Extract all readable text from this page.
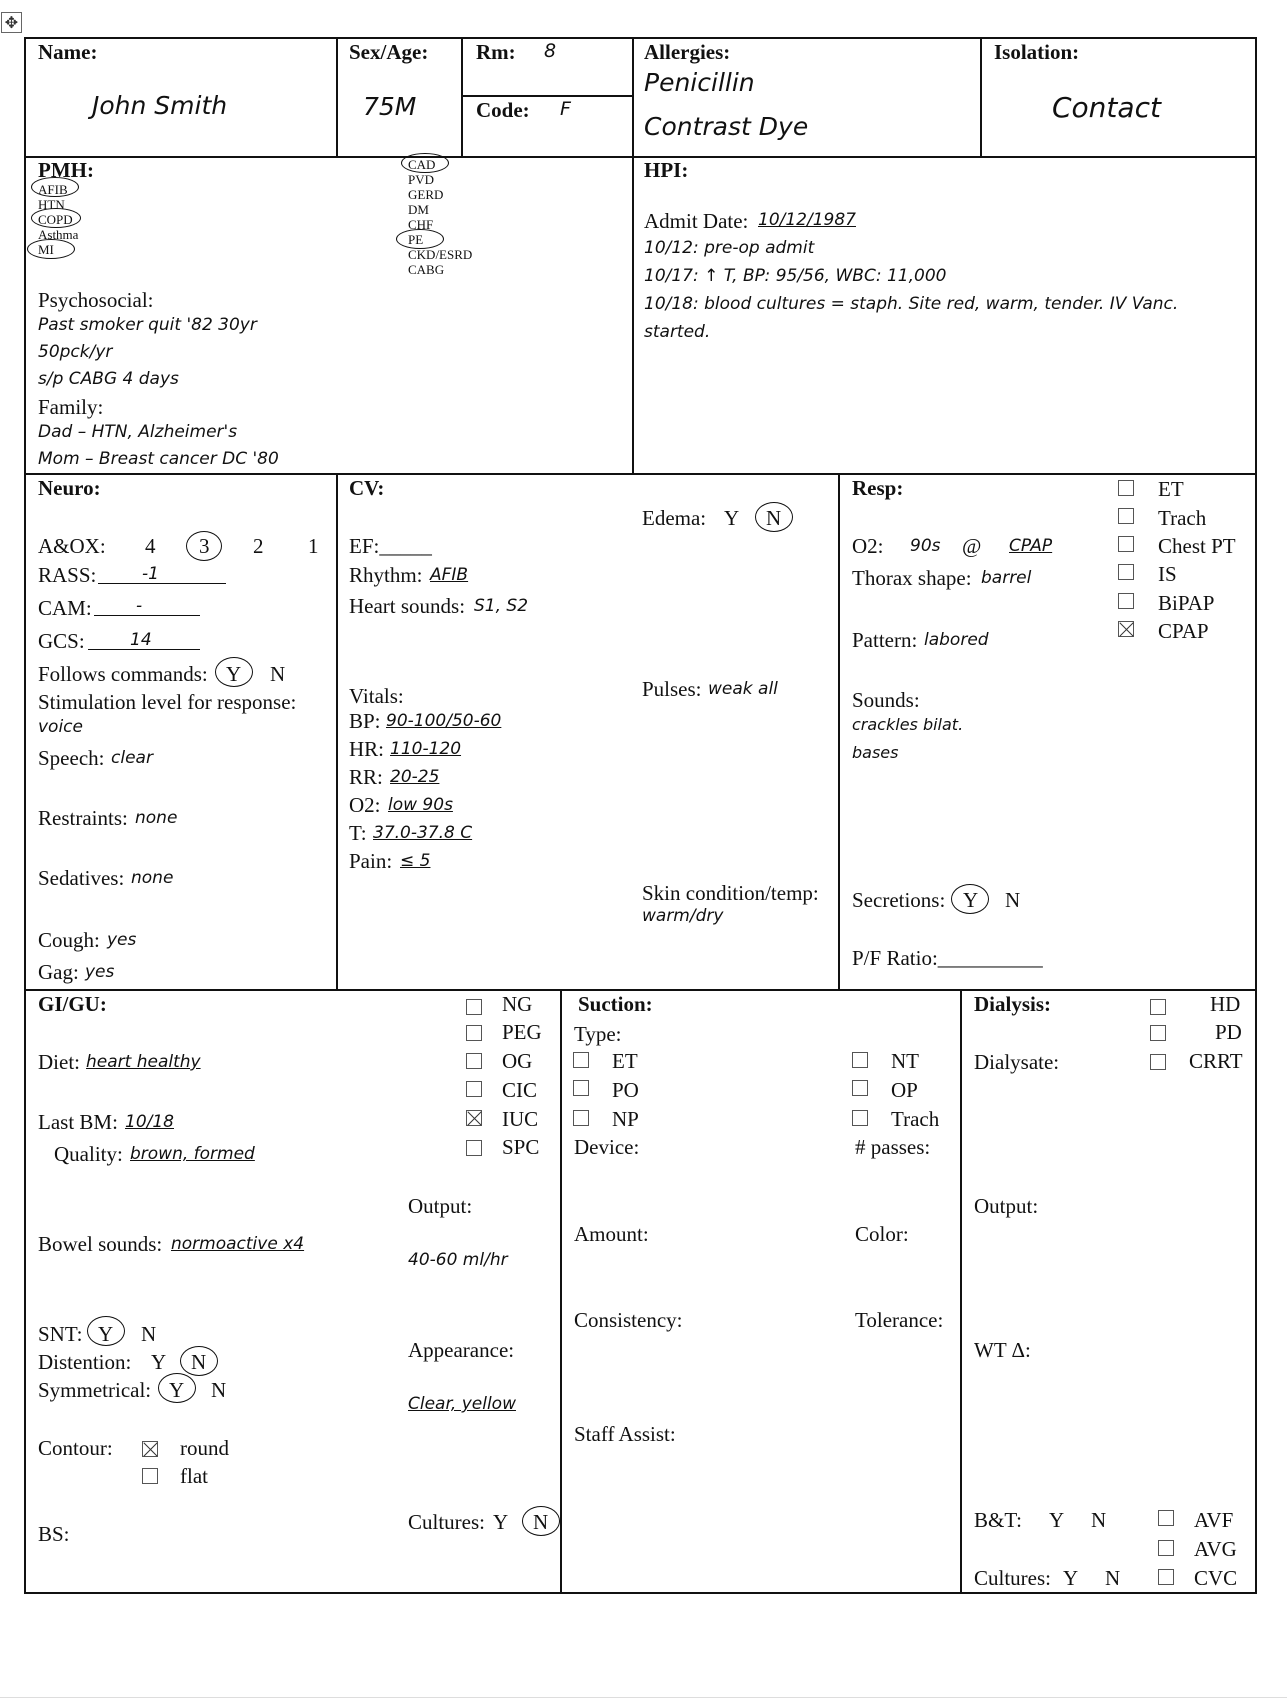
✥
Name:
John Smith
Sex/Age:
75M
Rm: 8
Code: F
Allergies:
Penicillin
Contrast Dye
Isolation:
Contact
PMH:
AFIB
HTN
COPD
Asthma
MI
CAD
PVD
GERD
DM
CHF
PE
CKD/ESRD
CABG
Psychosocial:
Past smoker quit '82 30yr
50pck/yr
s/p CABG 4 days
Family:
Dad – HTN, Alzheimer's
Mom – Breast cancer DC '80
HPI:
Admit Date: 10/12/1987
10/12: pre-op admit
10/17: ↑ T, BP: 95/56, WBC: 11,000
10/18: blood cultures = staph. Site red, warm, tender. IV Vanc.
started.
Neuro:
A&OX: 4 3 2 1
RASS:	-1
CAM:	-
GCS:	14
Follows commands: Y N
Stimulation level for response:
voice
Speech: clear
Restraints: none
Sedatives: none
Cough: yes
Gag: yes
CV:
EF:_____
Rhythm: AFIB
Heart sounds: S1, S2
Edema: Y N
Pulses: weak all
Vitals:
BP: 90-100/50-60
HR: 110-120
RR: 20-25
O2: low 90s
T: 37.0-37.8 C
Pain: ≤ 5
Skin condition/temp:
warm/dry
Resp:	ET
Trach
Chest PT
IS
BiPAP
CPAP
O2: 90s @ CPAP
Thorax shape: barrel
Pattern: labored
Sounds:
crackles bilat.
bases
Secretions: Y N
P/F Ratio:__________
GI/GU:	NG
PEG
OG
CIC
IUC
SPC
Diet: heart healthy
Last BM: 10/18
Quality: brown, formed
Output:
40-60 ml/hr
Bowel sounds: normoactive x4
SNT: Y N
Distention: Y N
Symmetrical: Y N
Appearance:
Clear, yellow
Contour:	round
flat
BS:	Cultures: Y N
Suction:
Type:
ET
PO
NP
NT
OP
Trach
Device:	# passes:
Amount:	Color:
Consistency:	Tolerance:
Staff Assist:
Dialysis:	HD
PD
CRRT
Dialysate:
Output:
WT Δ:
B&T: Y N	AVF
AVG
CVC
Cultures: Y N
